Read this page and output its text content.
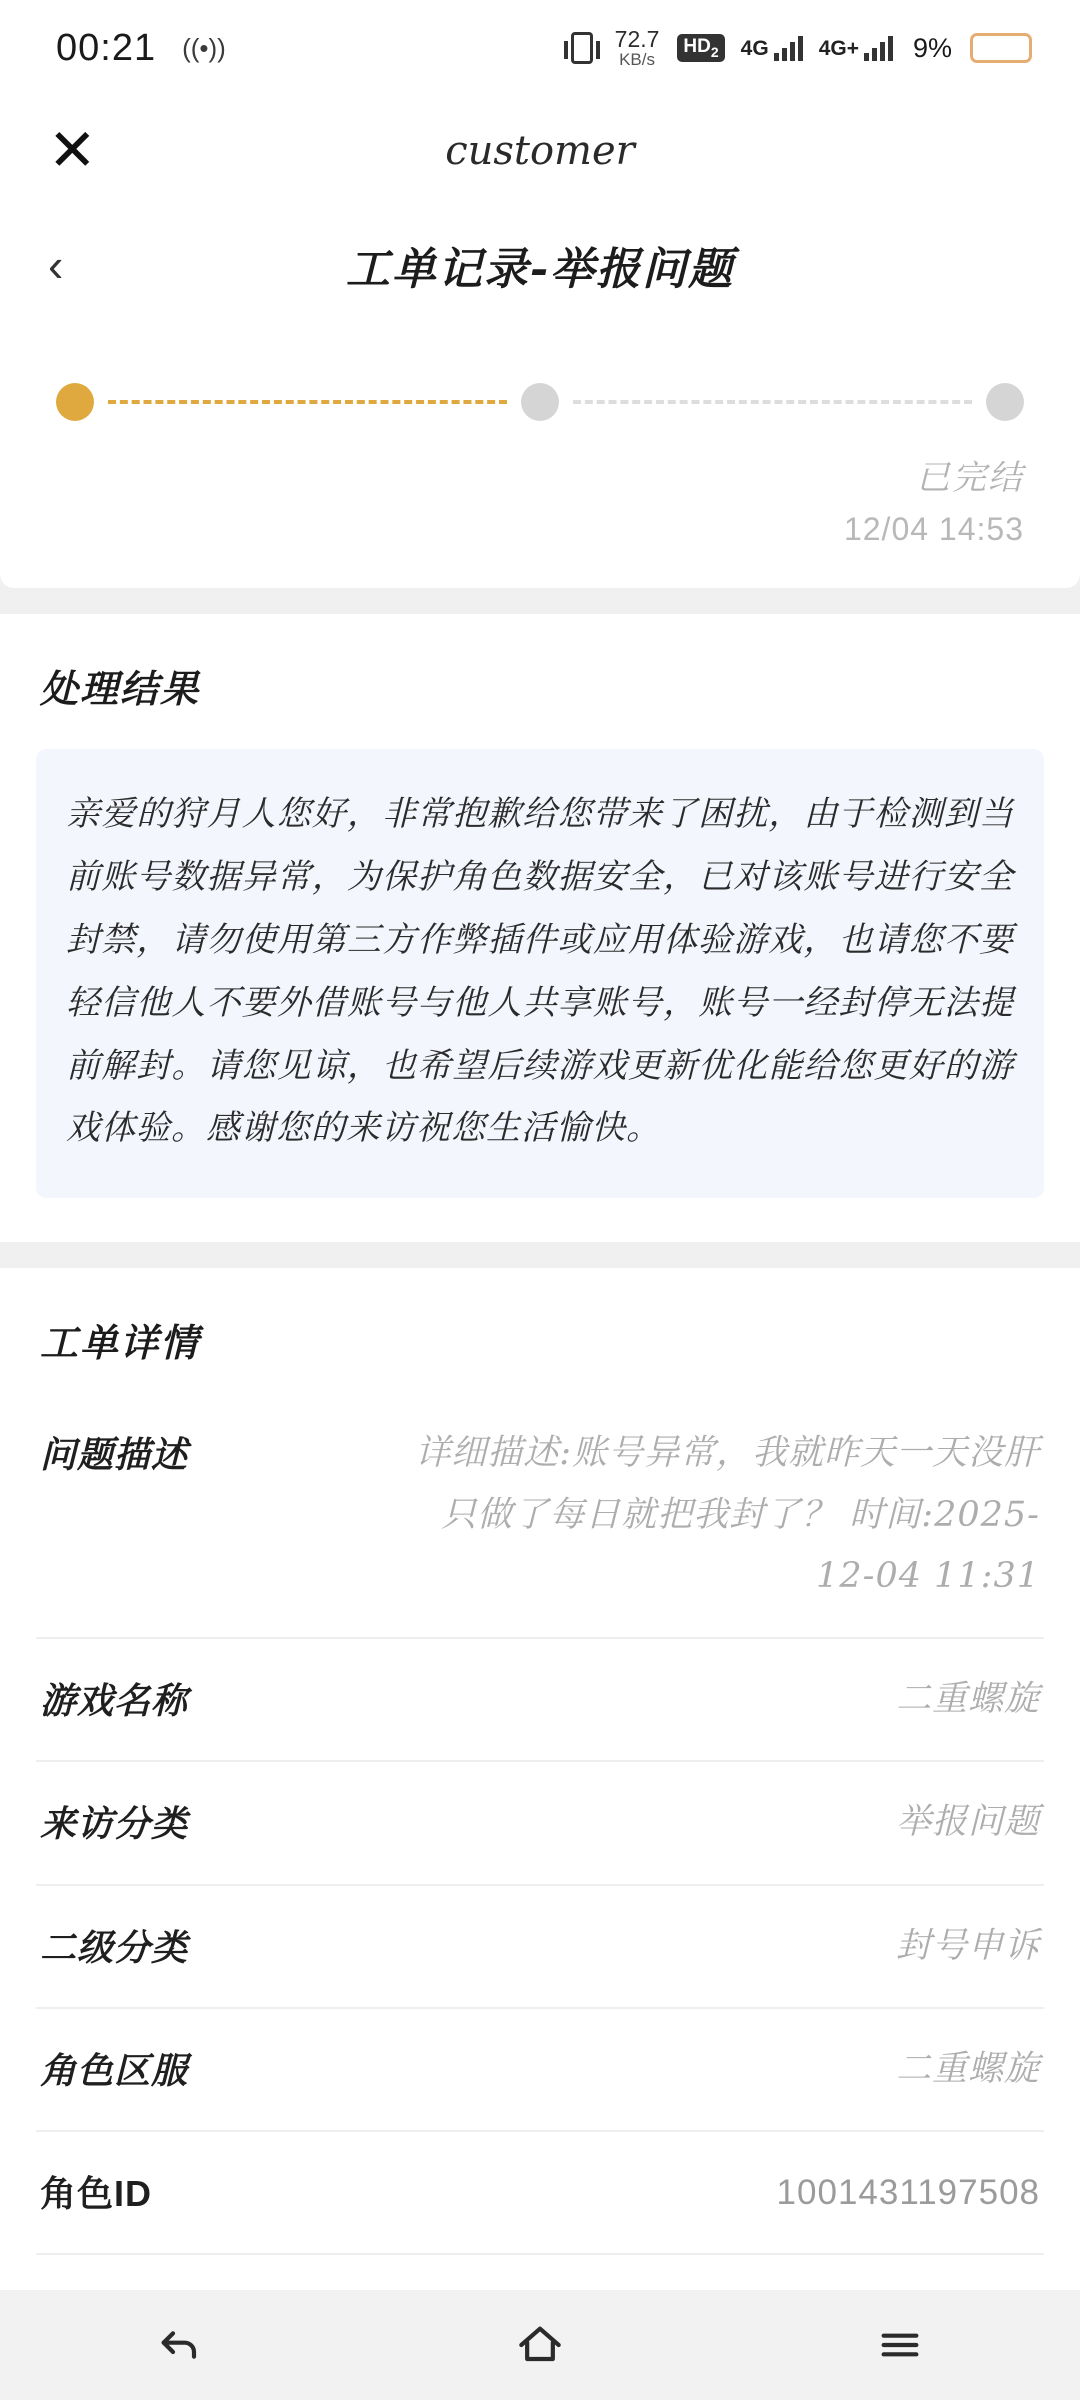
00:21 ((•))	72.7
KB/s
$HD_2$ 4G 4G+ 9%
✕	customer
‹	工单记录-举报问题
已完结
12/04 14:53
处理结果
亲爱的狩月人您好，非常抱歉给您带来了困扰，由于检测到当前账号数据异常，为保护角色数据安全，已对该账号进行安全封禁，请勿使用第三方作弊插件或应用体验游戏，也请您不要轻信他人不要外借账号与他人共享账号，账号一经封停无法提前解封。请您见谅，也希望后续游戏更新优化能给您更好的游戏体验。感谢您的来访祝您生活愉快。
工单详情
问题描述	详细描述:账号异常，我就昨天一天没肝只做了每日就把我封了？ 时间:2025-12-04 11:31
游戏名称	二重螺旋
来访分类	举报问题
二级分类	封号申诉
角色区服	二重螺旋
角色ID	1001431197508
